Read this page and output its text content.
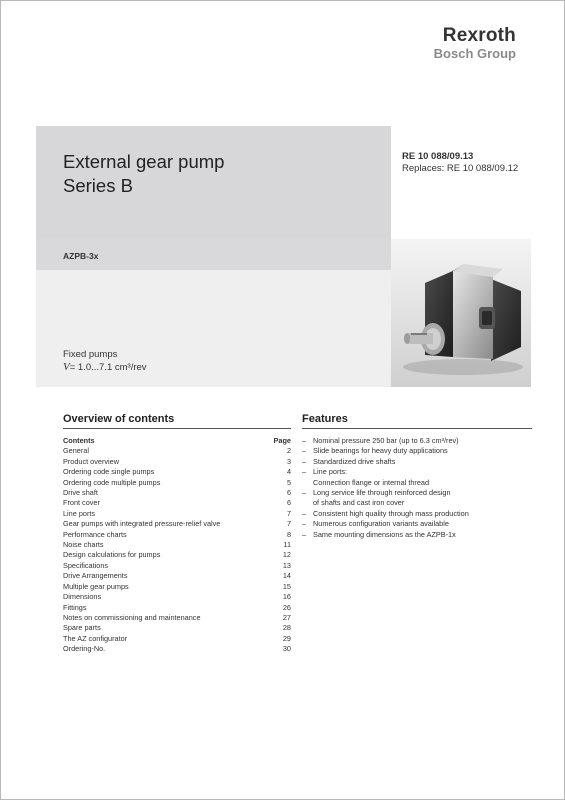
Rexroth
Bosch Group
External gear pump
Series B
RE 10 088/09.13
Replaces: RE 10 088/09.12
AZPB-3x
Fixed pumps
V= 1.0...7.1 cm³/rev
Overview of contents
Contents	Page
General	2
Product overview	3
Ordering code single pumps	4
Ordering code multiple pumps	5
Drive shaft	6
Front cover	6
Line ports	7
Gear pumps with integrated pressure-relief valve	7
Performance charts	8
Noise charts	11
Design calculations for pumps	12
Specifications	13
Drive Arrangements	14
Multiple gear pumps	15
Dimensions	16
Fittings	26
Notes on commissioning and maintenance	27
Spare parts	28
The AZ configurator	29
Ordering-No.	30
Features
– Nominal pressure 250 bar (up to 6.3 cm³/rev)
– Slide bearings for heavy duty applications
– Standardized drive shafts
– Line ports:
Connection flange or internal thread
– Long service life through reinforced design
of shafts and cast iron cover
– Consistent high quality through mass production
– Numerous configuration variants available
– Same mounting dimensions as the AZPB-1x
